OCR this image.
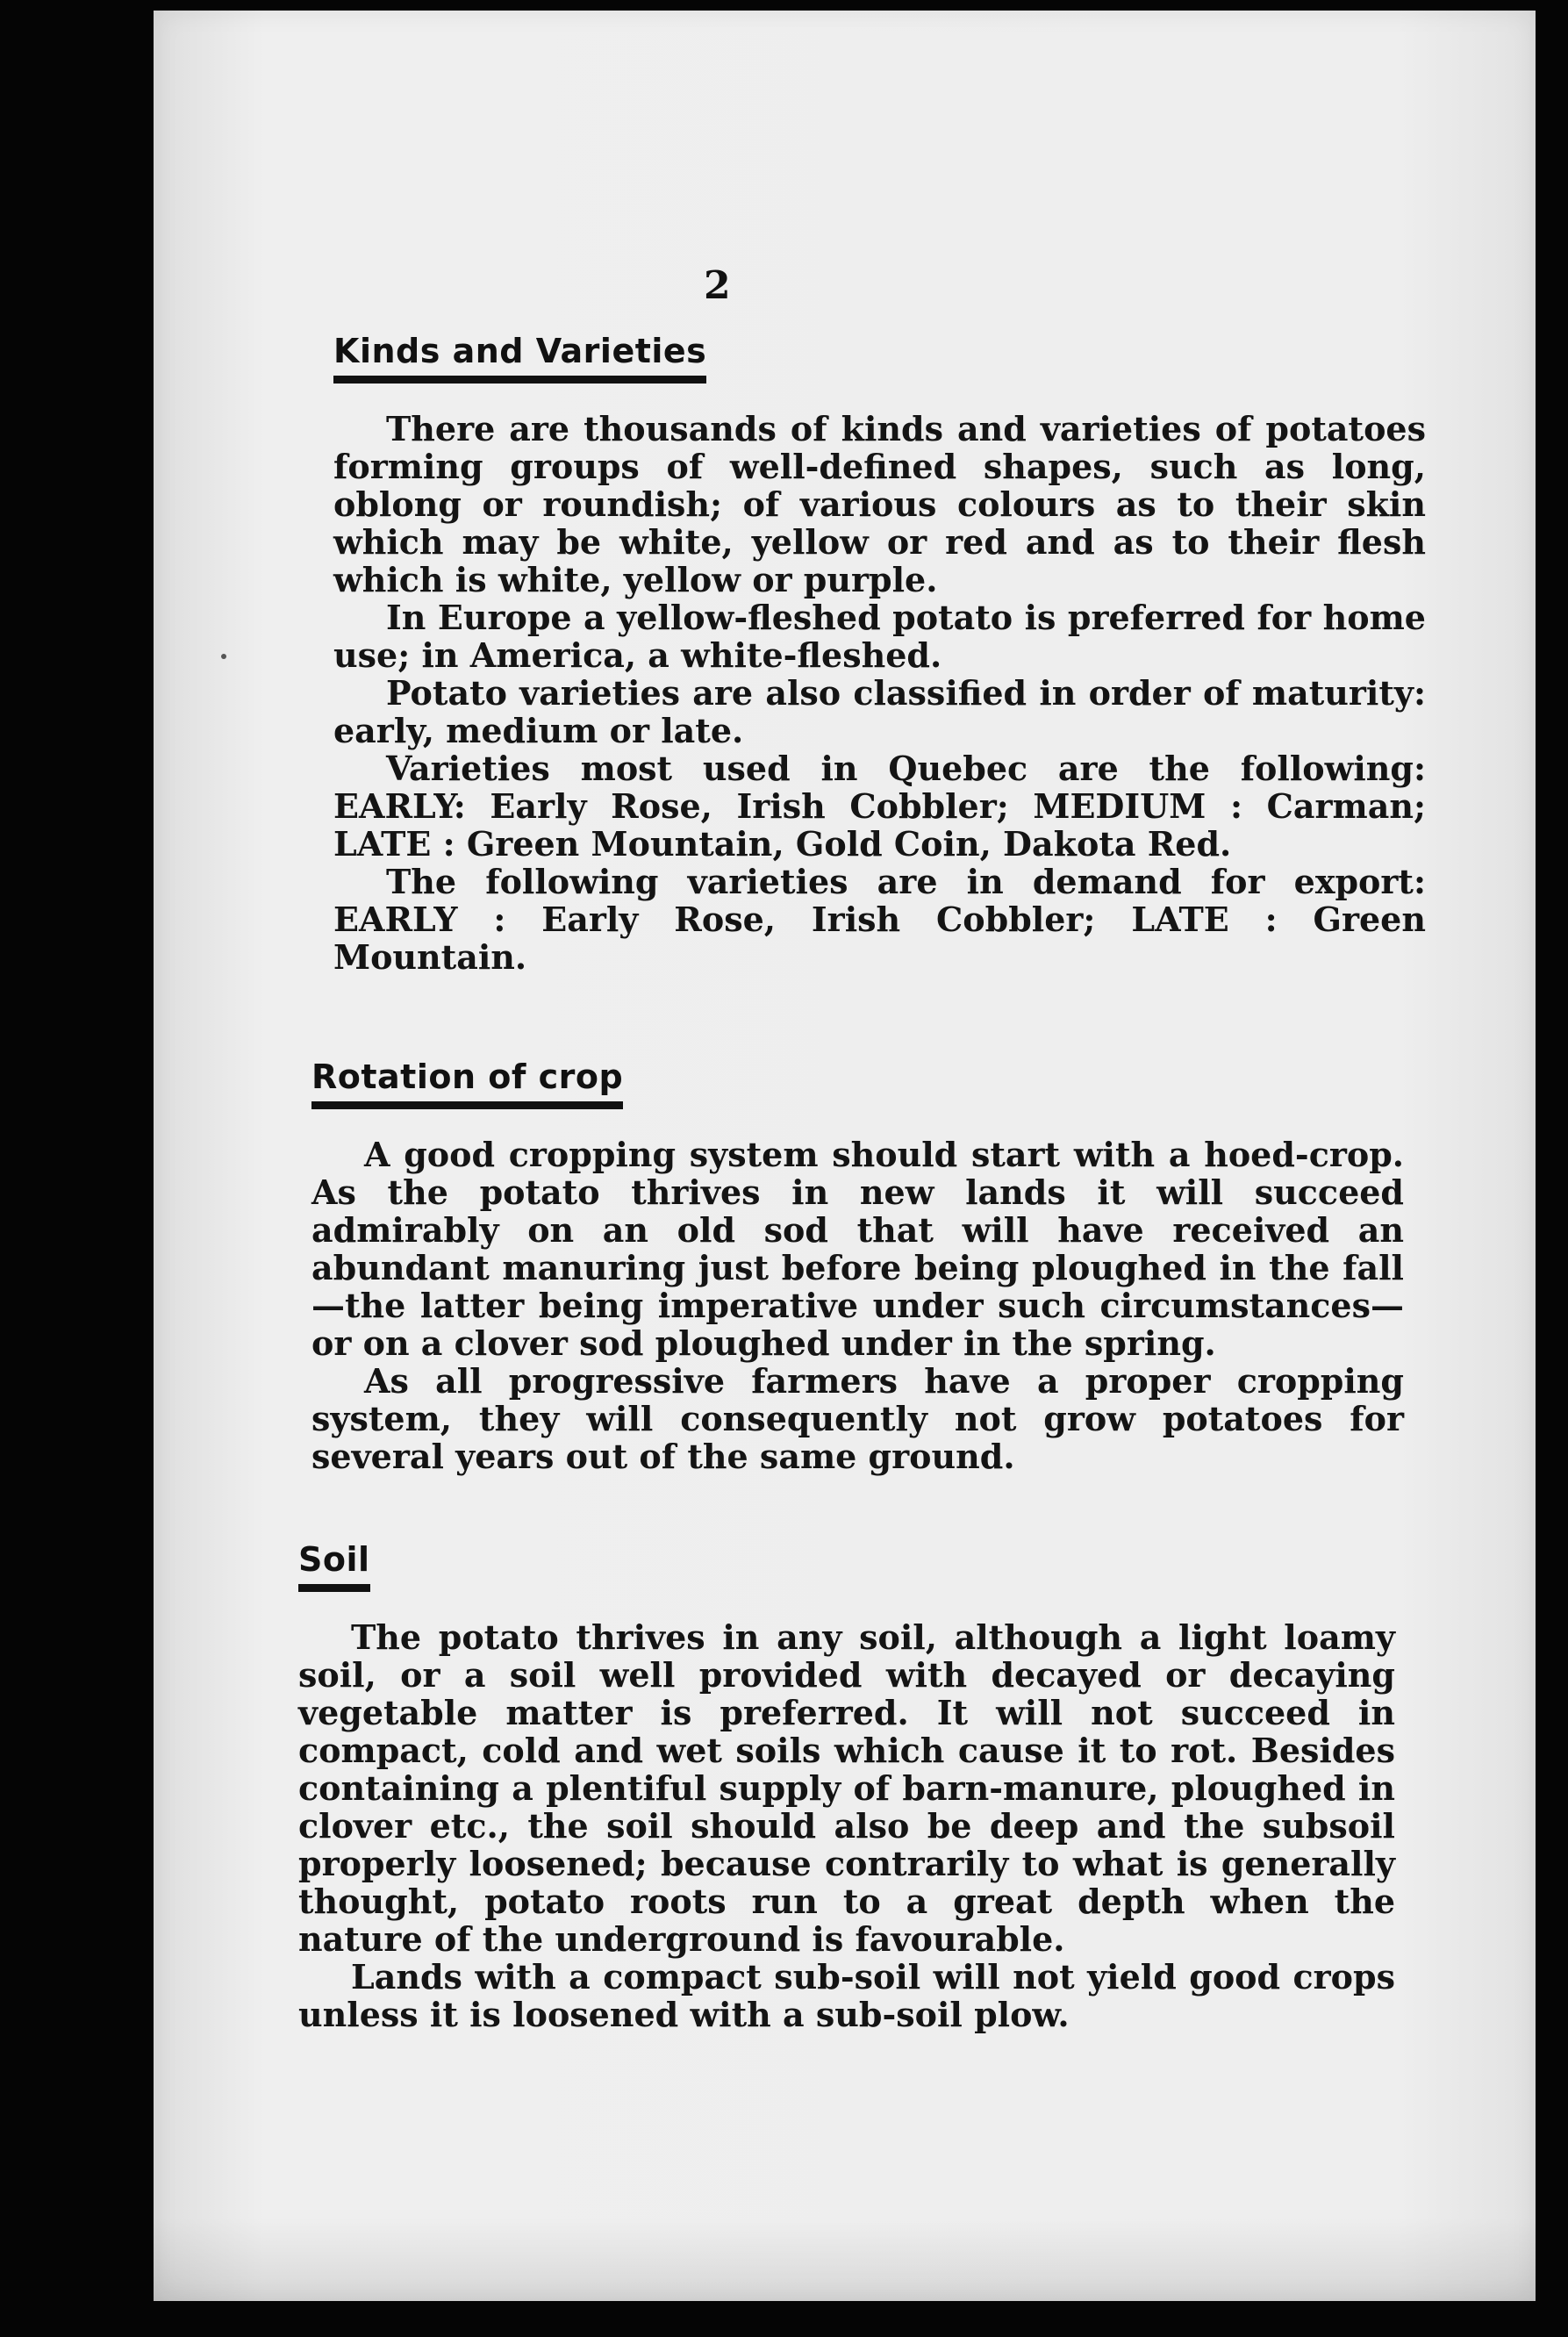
2
Kinds and Varieties

There are thousands of kinds and varieties of potatoes forming groups of well-defined shapes, such as long, oblong or roundish; of various colours as to their skin which may be white, yellow or red and as to their flesh which is white, yellow or purple.

In Europe a yellow-fleshed potato is preferred for home use; in America, a white-fleshed.

Potato varieties are also classified in order of maturity: early, medium or late.

Varieties most used in Quebec are the following: EARLY: Early Rose, Irish Cobbler; MEDIUM : Carman; LATE : Green Mountain, Gold Coin, Dakota Red.

The following varieties are in demand for export: EARLY : Early Rose, Irish Cobbler; LATE : Green Mountain.

Rotation of crop

A good cropping system should start with a hoed-crop. As the potato thrives in new lands it will succeed admirably on an old sod that will have received an abundant manuring just before being ploughed in the fall—the latter being imperative under such circumstances—or on a clover sod ploughed under in the spring.

As all progressive farmers have a proper cropping system, they will consequently not grow potatoes for several years out of the same ground.

Soil

The potato thrives in any soil, although a light loamy soil, or a soil well provided with decayed or decaying vegetable matter is preferred. It will not succeed in compact, cold and wet soils which cause it to rot. Besides containing a plentiful supply of barn-manure, ploughed in clover etc., the soil should also be deep and the subsoil properly loosened; because contrarily to what is generally thought, potato roots run to a great depth when the nature of the underground is favourable.

Lands with a compact sub-soil will not yield good crops unless it is loosened with a sub-soil plow.
